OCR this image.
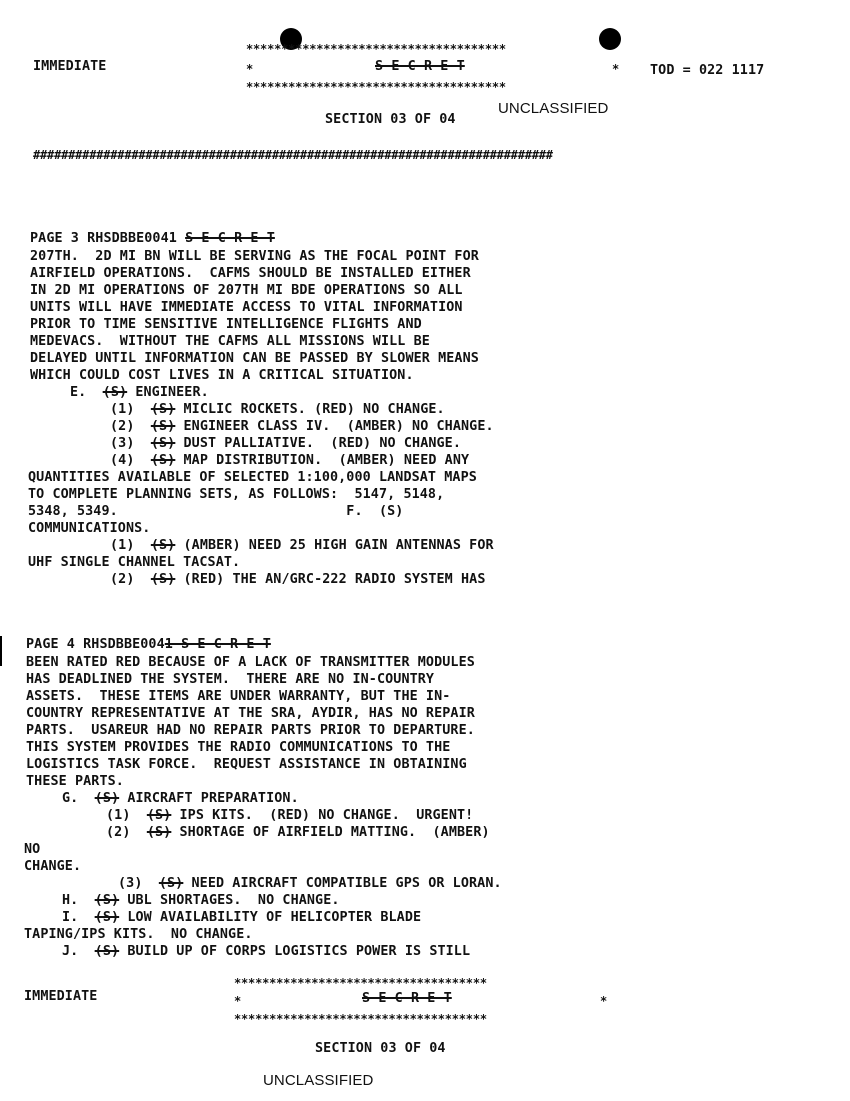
IMMEDIATE
*************************************
*	S E C R E T	*
*************************************
TOD = 022 1117
SECTION 03 OF 04
UNCLASSIFIED
##########################################################################
PAGE 3 RHSDBBE0041 S E C R E T
207TH.  2D MI BN WILL BE SERVING AS THE FOCAL POINT FOR
AIRFIELD OPERATIONS.  CAFMS SHOULD BE INSTALLED EITHER
IN 2D MI OPERATIONS OF 207TH MI BDE OPERATIONS SO ALL
UNITS WILL HAVE IMMEDIATE ACCESS TO VITAL INFORMATION
PRIOR TO TIME SENSITIVE INTELLIGENCE FLIGHTS AND
MEDEVACS.  WITHOUT THE CAFMS ALL MISSIONS WILL BE
DELAYED UNTIL INFORMATION CAN BE PASSED BY SLOWER MEANS
WHICH COULD COST LIVES IN A CRITICAL SITUATION.
E. (S) ENGINEER.
(1) (S) MICLIC ROCKETS. (RED) NO CHANGE.
(2) (S) ENGINEER CLASS IV.  (AMBER) NO CHANGE.
(3) (S) DUST PALLIATIVE.  (RED) NO CHANGE.
(4) (S) MAP DISTRIBUTION.  (AMBER) NEED ANY
QUANTITIES AVAILABLE OF SELECTED 1:100,000 LANDSAT MAPS
TO COMPLETE PLANNING SETS, AS FOLLOWS:  5147, 5148,
5348, 5349.                            F.  (S)
COMMUNICATIONS.
(1) (S) (AMBER) NEED 25 HIGH GAIN ANTENNAS FOR
UHF SINGLE CHANNEL TACSAT.
(2) (S) (RED) THE AN/GRC-222 RADIO SYSTEM HAS
PAGE 4 RHSDBBE0041 S E C R E T
BEEN RATED RED BECAUSE OF A LACK OF TRANSMITTER MODULES
HAS DEADLINED THE SYSTEM.  THERE ARE NO IN-COUNTRY
ASSETS.  THESE ITEMS ARE UNDER WARRANTY, BUT THE IN-
COUNTRY REPRESENTATIVE AT THE SRA, AYDIR, HAS NO REPAIR
PARTS.  USAREUR HAD NO REPAIR PARTS PRIOR TO DEPARTURE.
THIS SYSTEM PROVIDES THE RADIO COMMUNICATIONS TO THE
LOGISTICS TASK FORCE.  REQUEST ASSISTANCE IN OBTAINING
THESE PARTS.
G. (S) AIRCRAFT PREPARATION.
(1) (S) IPS KITS.  (RED) NO CHANGE.  URGENT!
(2) (S) SHORTAGE OF AIRFIELD MATTING.  (AMBER)
NO
CHANGE.
(3) (S) NEED AIRCRAFT COMPATIBLE GPS OR LORAN.
H. (S) UBL SHORTAGES.  NO CHANGE.
I. (S) LOW AVAILABILITY OF HELICOPTER BLADE
TAPING/IPS KITS.  NO CHANGE.
J. (S) BUILD UP OF CORPS LOGISTICS POWER IS STILL
************************************
IMMEDIATE	*	S E C R E T	*
************************************
SECTION 03 OF 04
UNCLASSIFIED
